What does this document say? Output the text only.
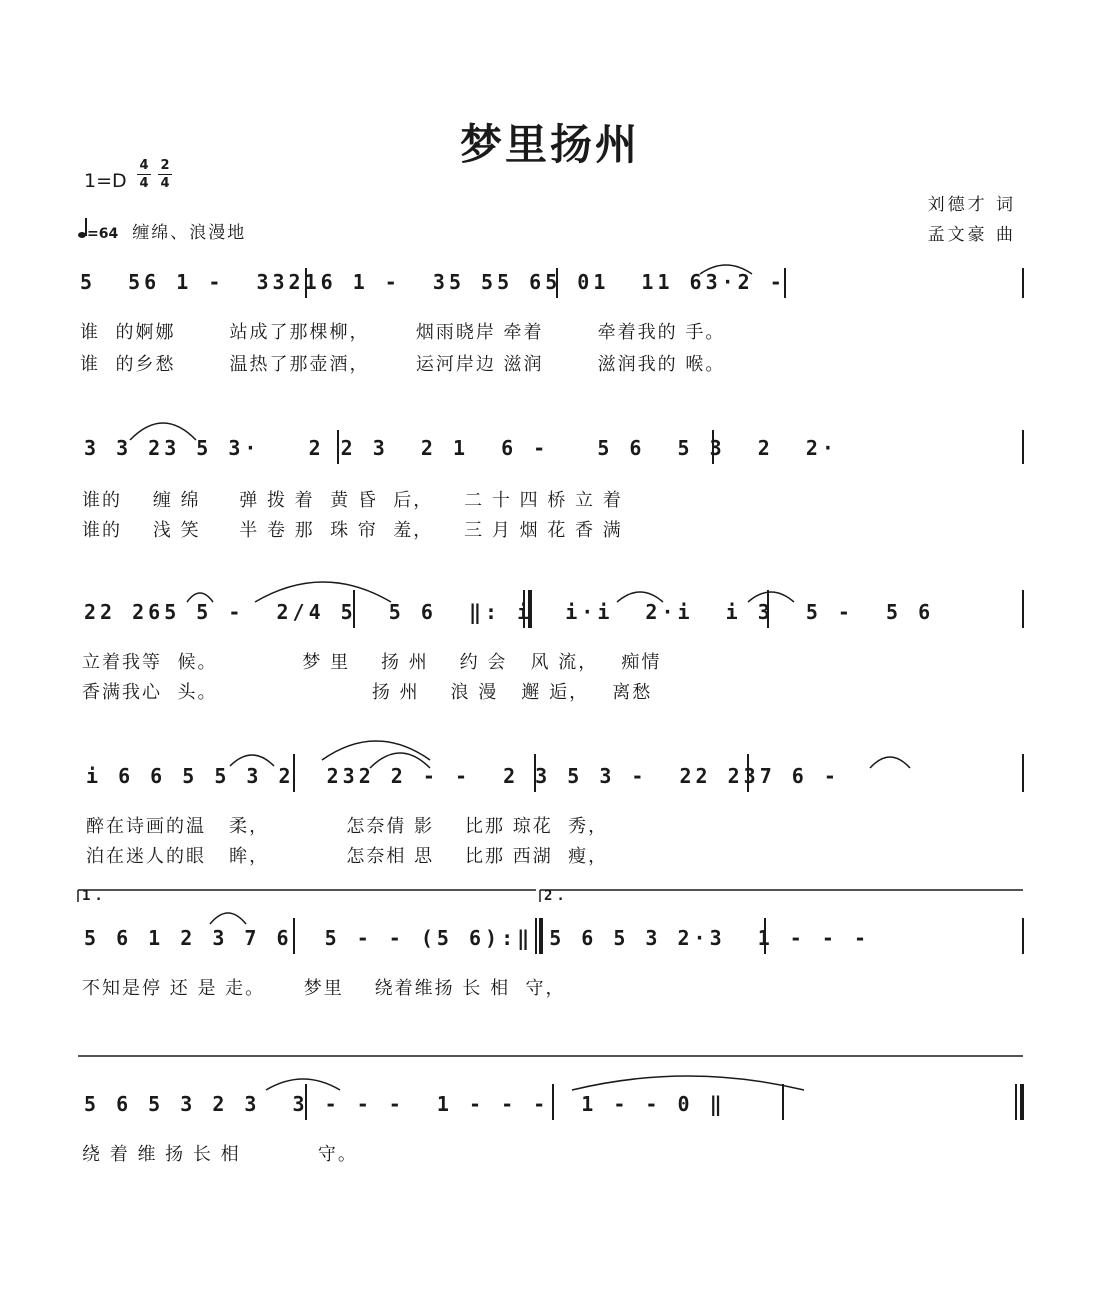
梦里扬州
1=D
4
4
2
4
刘德才 词
孟文豪 曲
=64 缠绵、浪漫地
5  56 1 -  33216 1 -  35 55 65 01  11 63·2 -
谁  的婀娜       站成了那棵柳，      烟雨晓岸 牵着       牵着我的 手。
谁  的乡愁       温热了那壶酒，      运河岸边 滋润       滋润我的 喉。
3 3 23 5 3·   2 2 3  2 1  6 -   5 6  5 3  2  2·
谁的    缠 绵     弹 拨 着  黄 昏  后，    二 十 四 桥 立 着
谁的    浅 笑     半 卷 那  珠 帘  羞，    三 月 烟 花 香 满
22 265 5 -  2/4 5  5 6  ‖: i  i·i  2·i  i 3  5 -  5 6
立着我等  候。           梦 里    扬 州    约 会   风 流，   痴情
香满我心  头。                    扬 州    浪 漫   邂 逅，   离愁
i 6 6 5 5 3 2  232 2 - -  2 3 5 3 -  22 237 6 -
醉在诗画的温   柔，          怎奈倩 影    比那 琼花  秀，
泊在迷人的眼   眸，          怎奈相 思    比那 西湖  瘦，
5 6 1 2 3 7 6  5 - - (5 6):‖ 5 6 5 3 2·3  1 - - -
1.	2.
不知是停 还 是 走。     梦里    绕着维扬 长 相  守，
5 6 5 3 2 3  3 - - -  1 - - -  1 - - 0 ‖
绕 着 维 扬 长 相          守。
